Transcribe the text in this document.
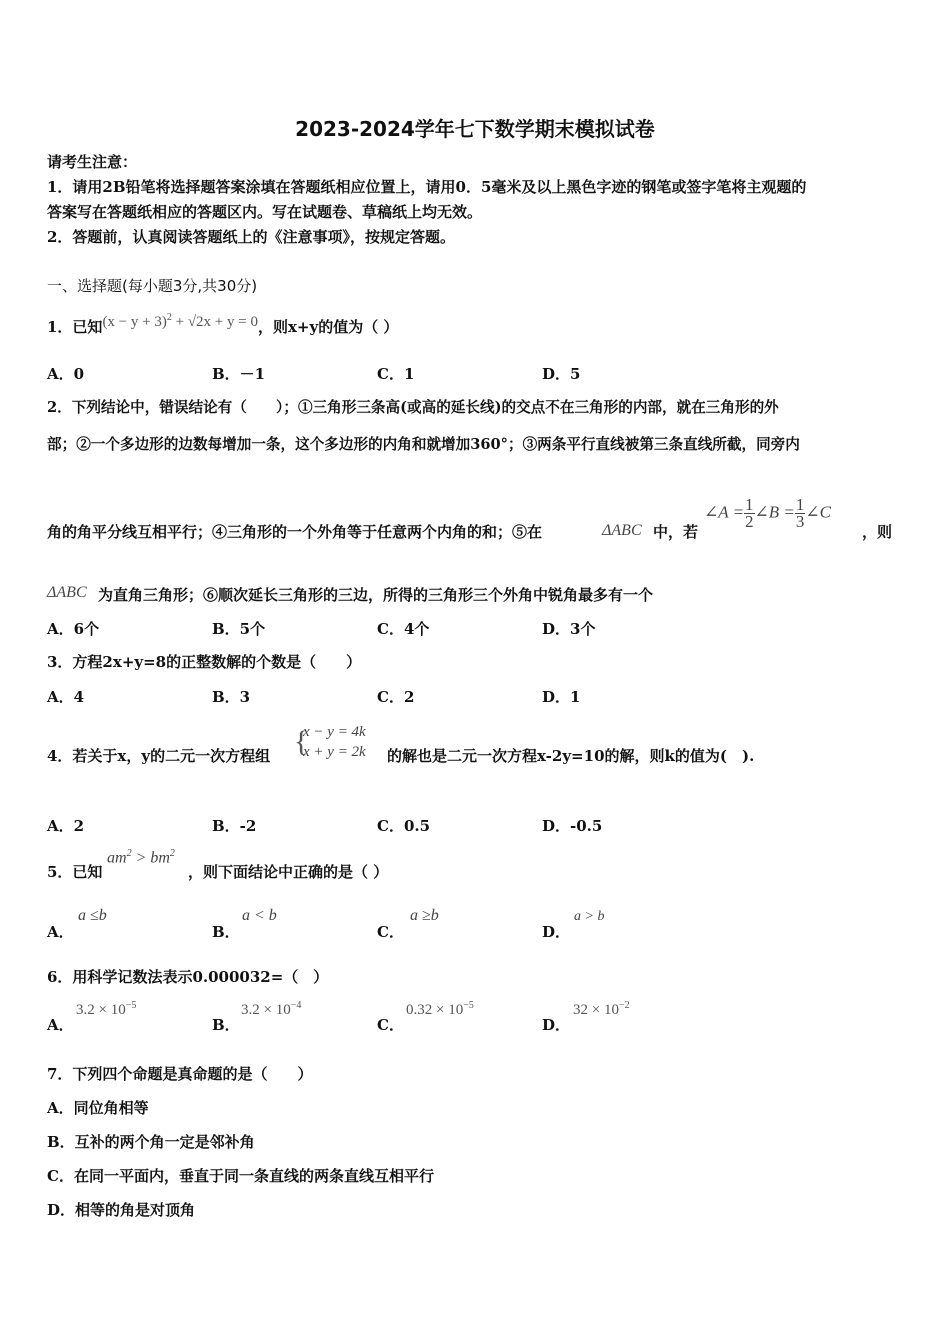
2023-2024学年七下数学期末模拟试卷
请考生注意：
1．请用2B铅笔将选择题答案涂填在答题纸相应位置上，请用0．5毫米及以上黑色字迹的钢笔或签字笔将主观题的
答案写在答题纸相应的答题区内。写在试题卷、草稿纸上均无效。
2．答题前，认真阅读答题纸上的《注意事项》，按规定答题。
一、选择题(每小题3分,共30分)
1．已知$(x - y + 3)^2 + √2x + y = 0$，则x+y的值为（ ）
A．0	B．－1	C．1	D．5
2．下列结论中，错误结论有（　　）；①三角形三条高(或高的延长线)的交点不在三角形的内部，就在三角形的外
部；②一个多边形的边数每增加一条，这个多边形的内角和就增加360°；③两条平行直线被第三条直线所截，同旁内
角的角平分线互相平行；④三角形的一个外角等于任意两个内角的和；⑤在	ΔABC 中，若
∠A = $\frac{1}{2}$ ∠B = $\frac{1}{3}$ ∠C
，则
ΔABC 为直角三角形；⑥顺次延长三角形的三边，所得的三角形三个外角中锐角最多有一个
A．6个	B．5个	C．4个	D．3个
3．方程2x+y=8的正整数解的个数是（　　）
A．4	B．3	C．2	D．1
4．若关于x，y的二元一次方程组 {
x − y = 4k
x + y = 2k 的解也是二元一次方程x-2y=10的解，则k的值为(　).
A．2	B．-2	C．0.5	D．-0.5
5．已知
$am^2 > bm^2$
，则下面结论中正确的是（ ）
A．
a ≤b
B．
a < b
C．
a ≥b
D．
a > b
6．用科学记数法表示0.000032=（　）
A．
$3.2 \times 10^{-5}$
B．
$3.2 \times 10^{-4}$
C．
$0.32 \times 10^{-5}$
D．
$32 \times 10^{-2}$
7．下列四个命题是真命题的是（　　）
A．同位角相等
B．互补的两个角一定是邻补角
C．在同一平面内，垂直于同一条直线的两条直线互相平行
D．相等的角是对顶角
